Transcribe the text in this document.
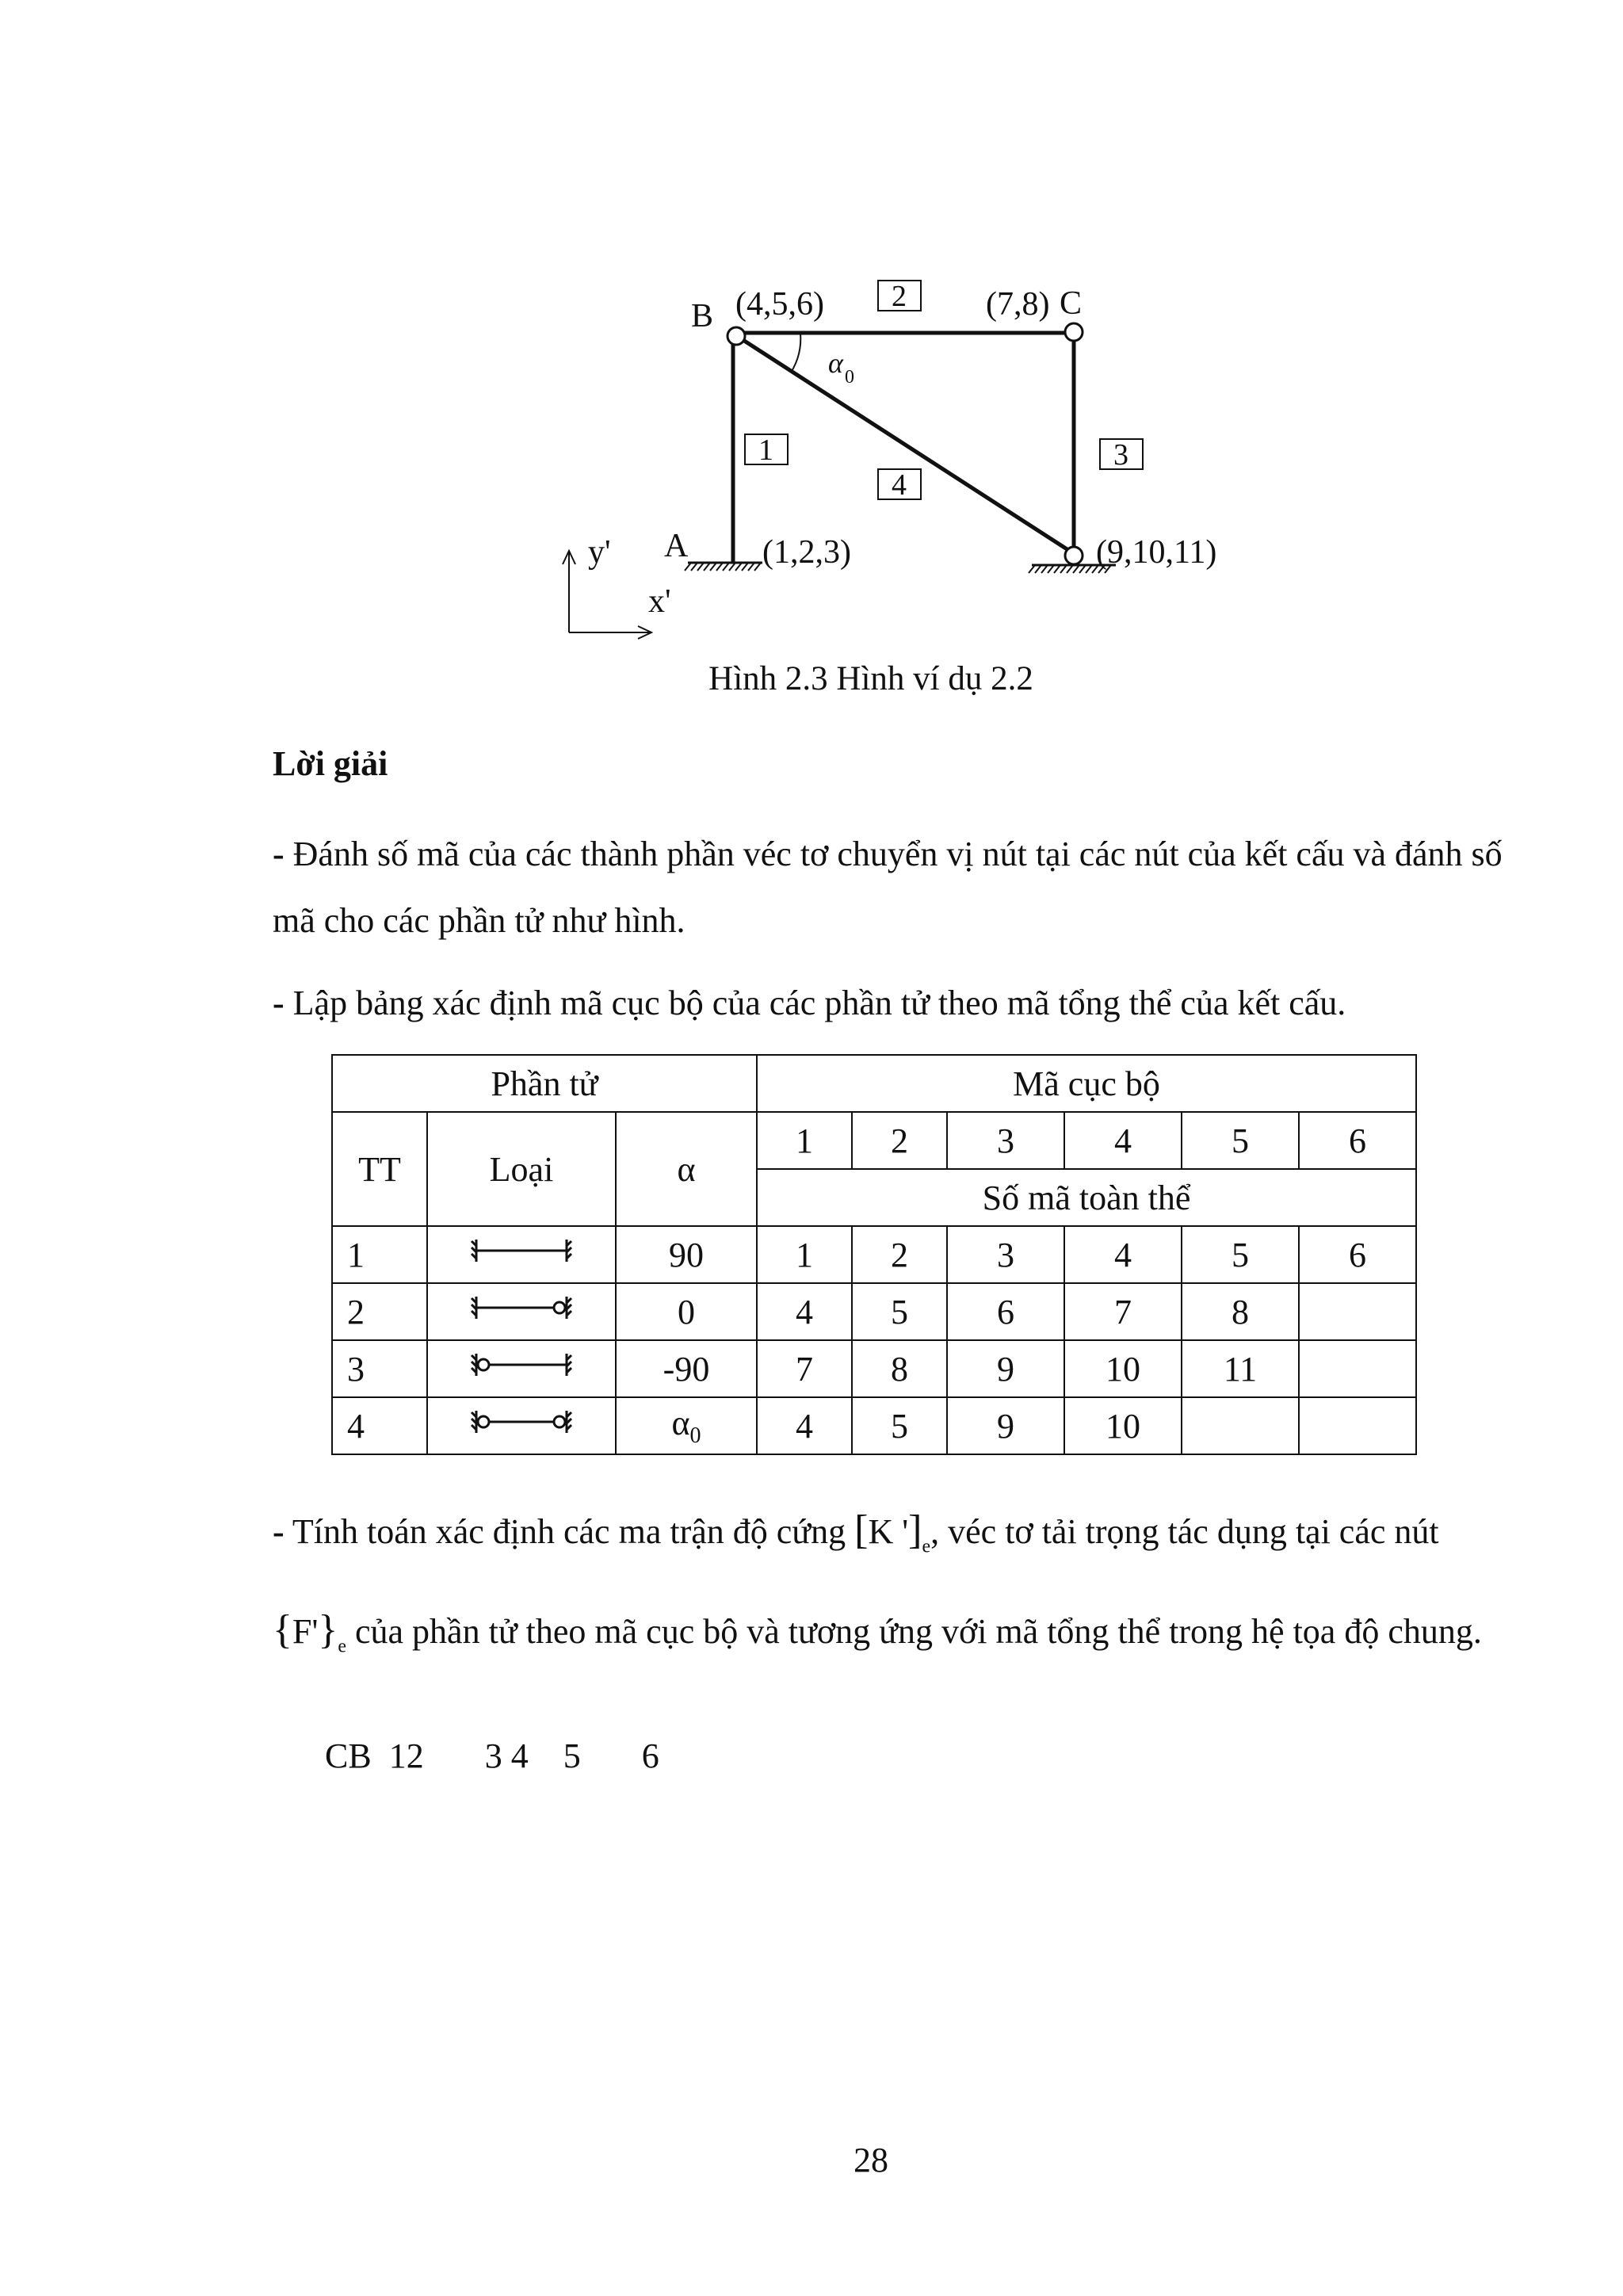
α 0
B	C
A
(4,5,6)	(7,8)
(1,2,3)	(9,10,11)
2
1
4
3
y'
x'
Hình 2.3 Hình ví dụ 2.2
Lời giải
- Đánh số mã của các thành phần véc tơ chuyển vị nút tại các nút của kết cấu và đánh số mã cho các phần tử như hình.
- Lập bảng xác định mã cục bộ của các phần tử theo mã tổng thể của kết cấu.
Phần tử			Mã cục bộ					
TT	Loại	α	1	2	3	4	5	6
			Số mã toàn thể					
1		90	1	2	3	4	5	6
2		0	4	5	6	7	8	
3		-90	7	8	9	10	11	
4		$\alpha_0$	4	5	9	10		
- Tính toán xác định các ma trận độ cứng [K ']$_e$, véc tơ tải trọng tác dụng tại các nút $\{F'\}_e$ của phần tử theo mã cục bộ và tương ứng với mã tổng thể trong hệ tọa độ chung.
CB  12       3 4    5       6
28
